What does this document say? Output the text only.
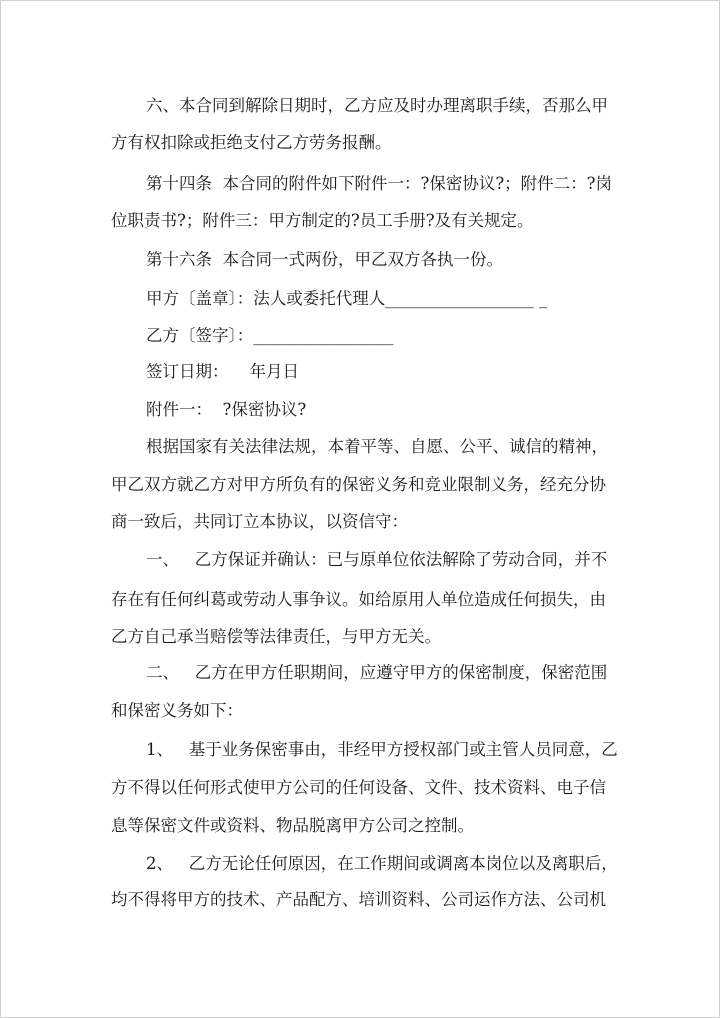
六、本合同到解除日期时，乙方应及时办理离职手续，否那么甲
方有权扣除或拒绝支付乙方劳务报酬。
第十四条  本合同的附件如下附件一：?保密协议?；附件二：?岗
位职责书?；附件三：甲方制定的?员工手册?及有关规定。
第十六条  本合同一式两份，甲乙双方各执一份。
甲方〔盖章〕：法人或委托代理人__________________ _
乙方〔签字〕：_________________
签订日期：    年月日
附件一：  ?保密协议?
根据国家有关法律法规，本着平等、自愿、公平、诚信的精神，
甲乙双方就乙方对甲方所负有的保密义务和竞业限制义务，经充分协
商一致后，共同订立本协议，以资信守：
一、   乙方保证并确认：已与原单位依法解除了劳动合同，并不
存在有任何纠葛或劳动人事争议。如给原用人单位造成任何损失，由
乙方自己承当赔偿等法律责任，与甲方无关。
二、   乙方在甲方任职期间，应遵守甲方的保密制度，保密范围
和保密义务如下：
1、   基于业务保密事由，非经甲方授权部门或主管人员同意，乙
方不得以任何形式使甲方公司的任何设备、文件、技术资料、电子信
息等保密文件或资料、物品脱离甲方公司之控制。
2、   乙方无论任何原因，在工作期间或调离本岗位以及离职后，
均不得将甲方的技术、产品配方、培训资料、公司运作方法、公司机
